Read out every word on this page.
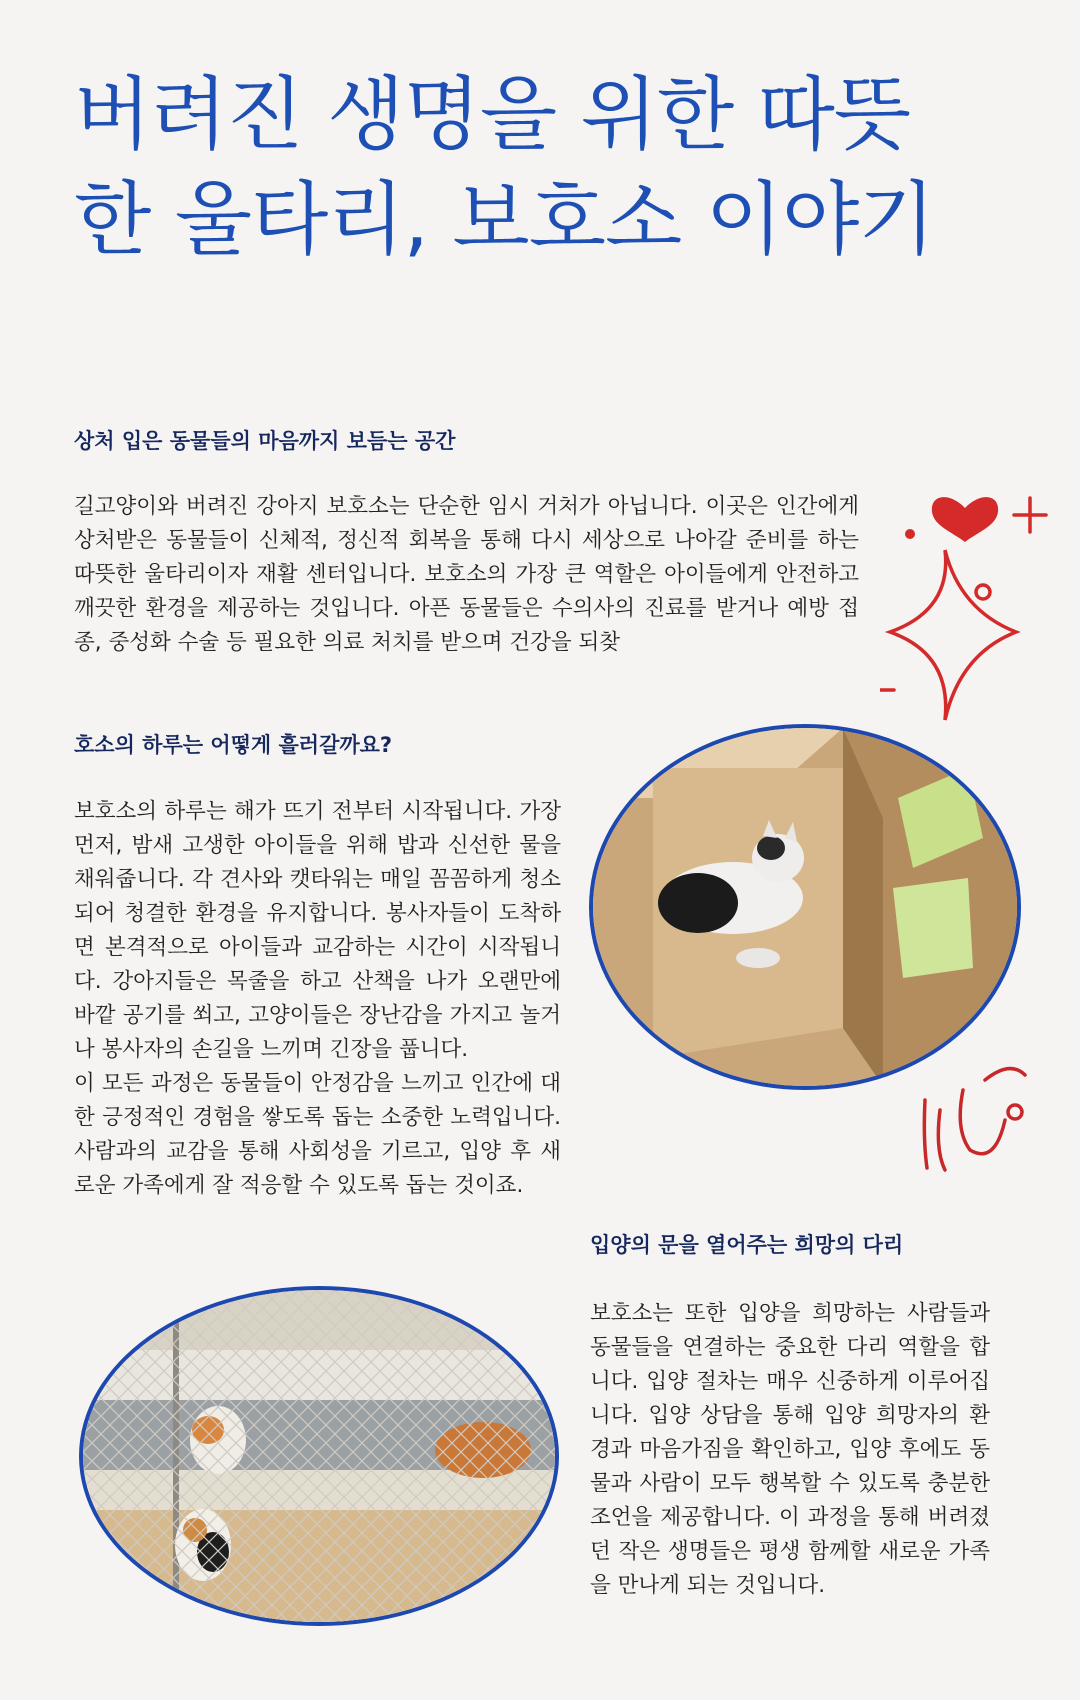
버려진 생명을 위한 따뜻한 울타리, 보호소 이야기
상처 입은 동물들의 마음까지 보듬는 공간

길고양이와 버려진 강아지 보호소는 단순한 임시 거처가 아닙니다. 이곳은 인간에게 상처받은 동물들이 신체적, 정신적 회복을 통해 다시 세상으로 나아갈 준비를 하는 따뜻한 울타리이자 재활 센터입니다. 보호소의 가장 큰 역할은 아이들에게 안전하고 깨끗한 환경을 제공하는 것입니다. 아픈 동물들은 수의사의 진료를 받거나 예방 접종, 중성화 수술 등 필요한 의료 처치를 받으며 건강을 되찾

호소의 하루는 어떻게 흘러갈까요?

보호소의 하루는 해가 뜨기 전부터 시작됩니다. 가장 먼저, 밤새 고생한 아이들을 위해 밥과 신선한 물을 채워줍니다. 각 견사와 캣타워는 매일 꼼꼼하게 청소되어 청결한 환경을 유지합니다. 봉사자들이 도착하면 본격적으로 아이들과 교감하는 시간이 시작됩니다. 강아지들은 목줄을 하고 산책을 나가 오랜만에 바깥 공기를 쐬고, 고양이들은 장난감을 가지고 놀거나 봉사자의 손길을 느끼며 긴장을 풉니다.
이 모든 과정은 동물들이 안정감을 느끼고 인간에 대한 긍정적인 경험을 쌓도록 돕는 소중한 노력입니다. 사람과의 교감을 통해 사회성을 기르고, 입양 후 새로운 가족에게 잘 적응할 수 있도록 돕는 것이죠.

입양의 문을 열어주는 희망의 다리

보호소는 또한 입양을 희망하는 사람들과 동물들을 연결하는 중요한 다리 역할을 합니다. 입양 절차는 매우 신중하게 이루어집니다. 입양 상담을 통해 입양 희망자의 환경과 마음가짐을 확인하고, 입양 후에도 동물과 사람이 모두 행복할 수 있도록 충분한 조언을 제공합니다. 이 과정을 통해 버려졌던 작은 생명들은 평생 함께할 새로운 가족을 만나게 되는 것입니다.
